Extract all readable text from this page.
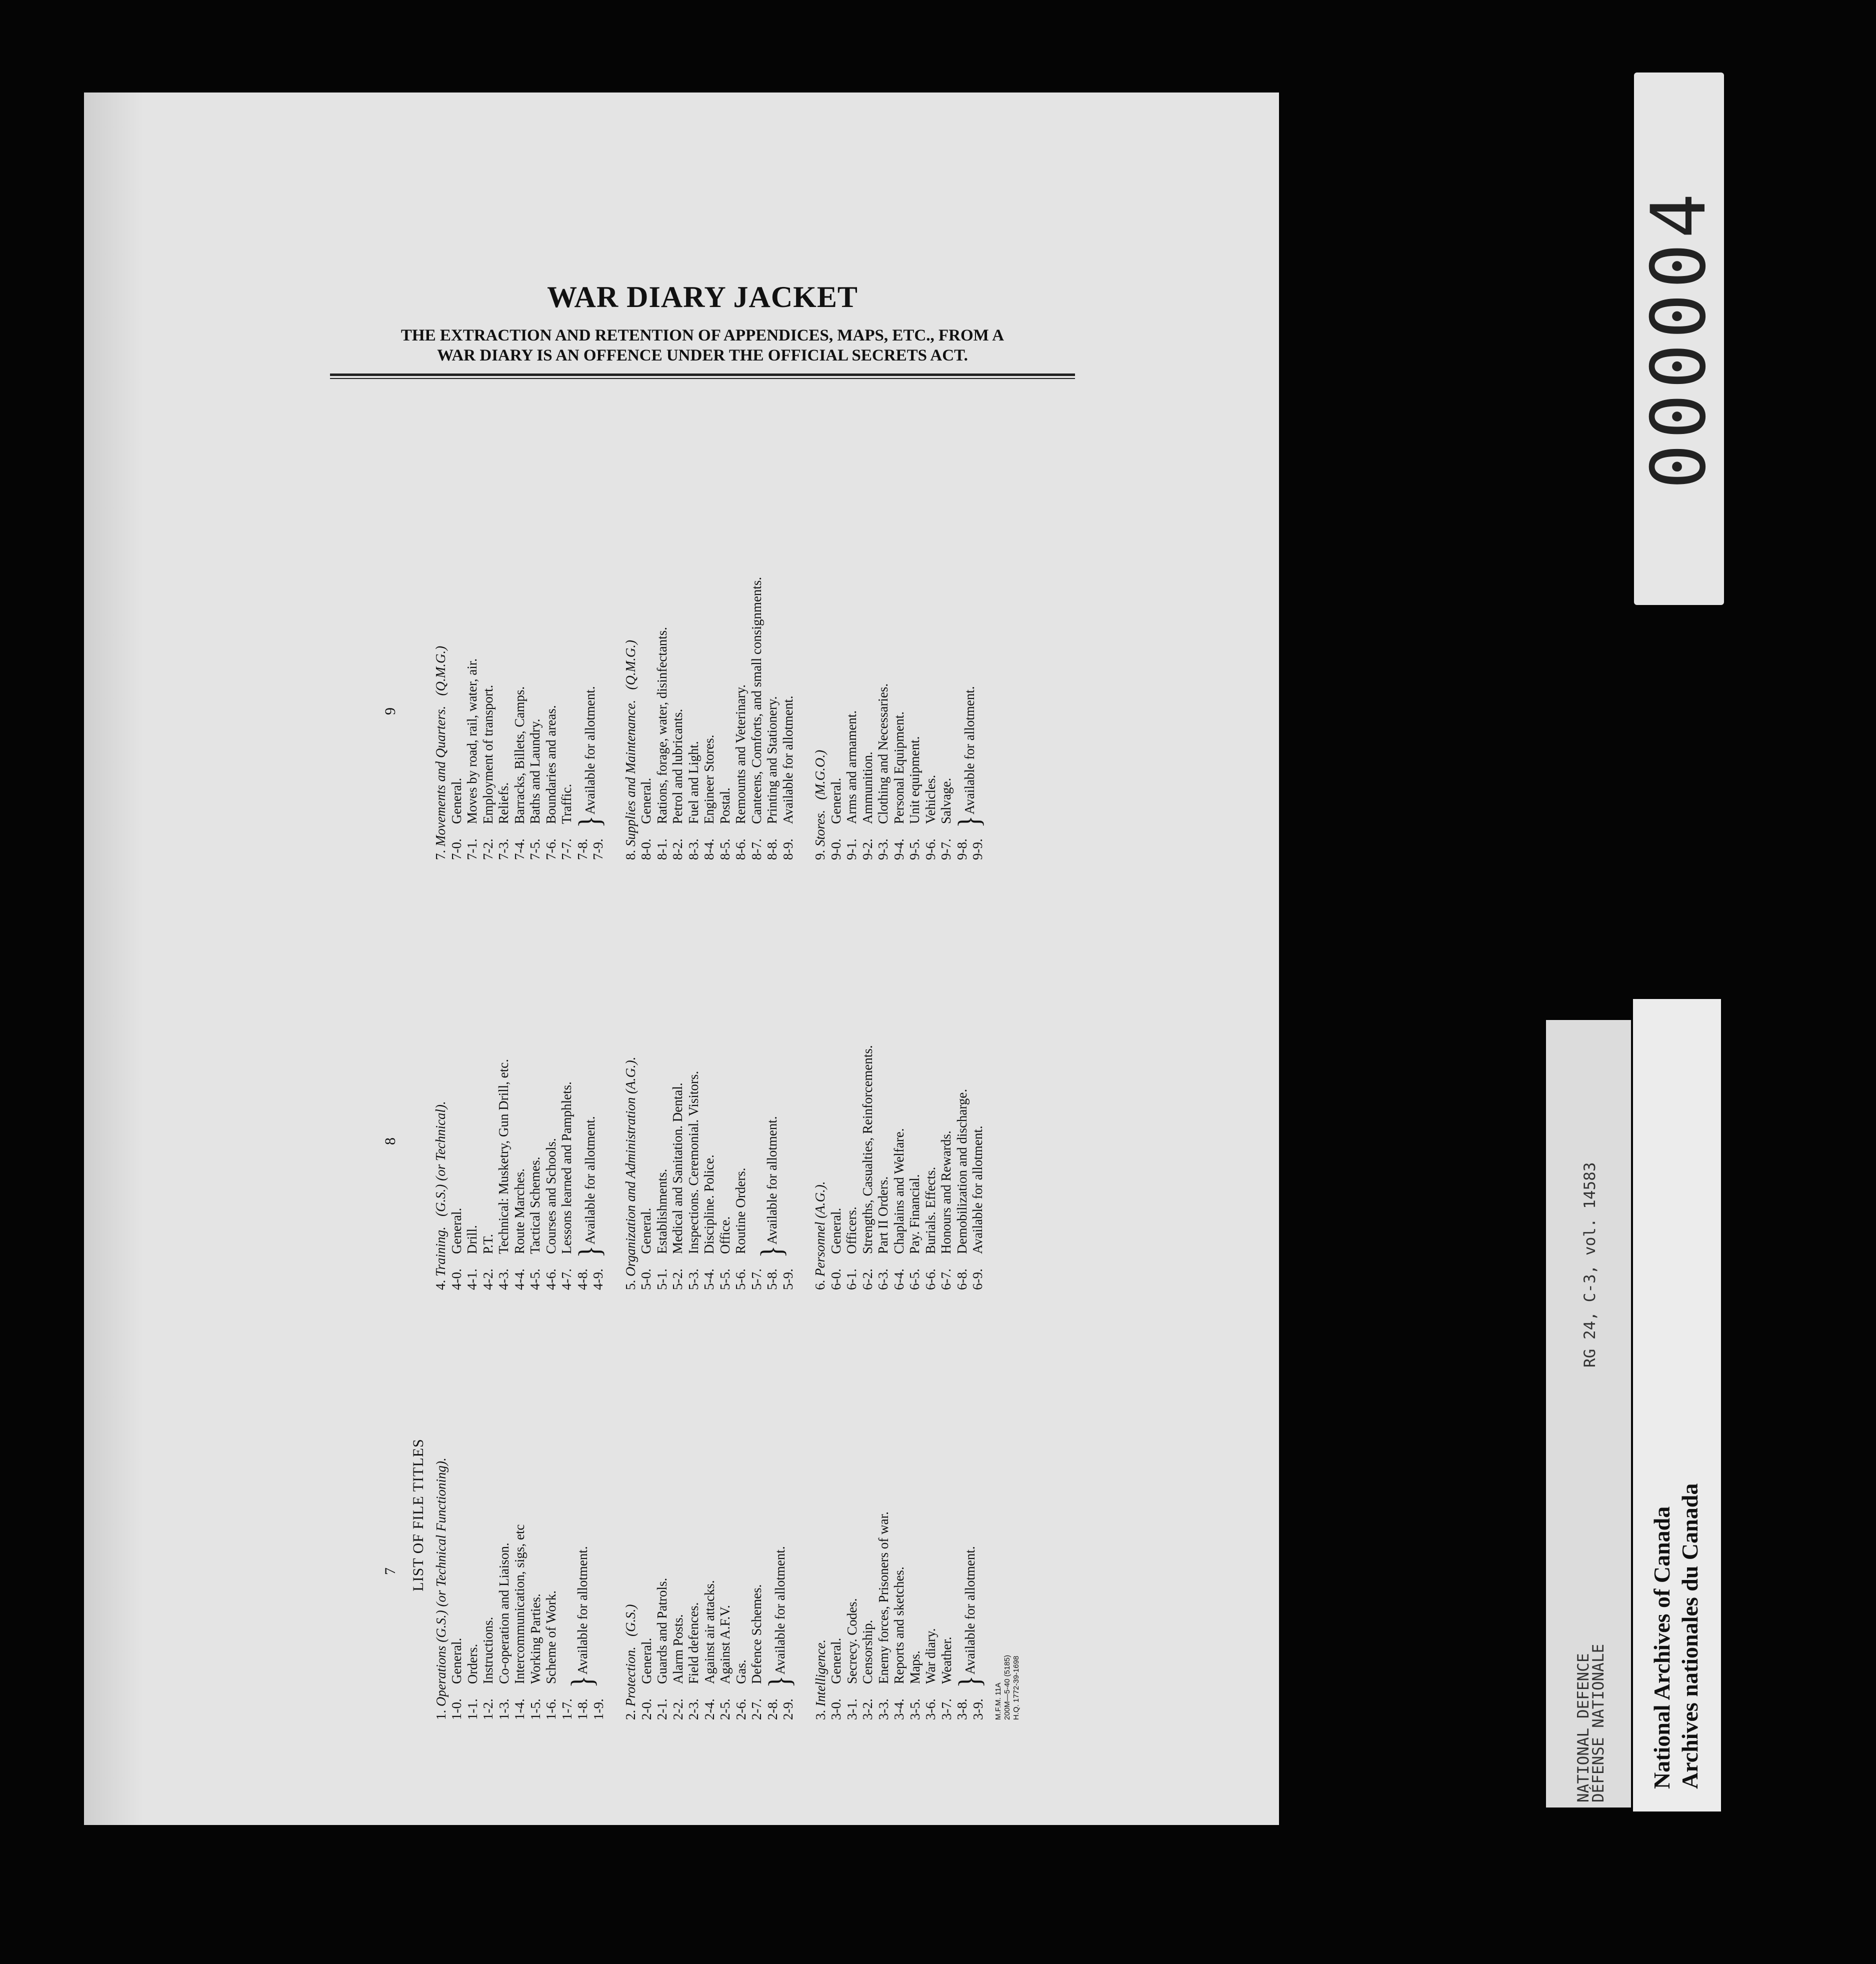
WAR DIARY JACKET
THE EXTRACTION AND RETENTION OF APPENDICES, MAPS, ETC., FROM A
WAR DIARY IS AN OFFENCE UNDER THE OFFICIAL SECRETS ACT.
7 LIST OF FILE TITLES
1. Operations (G.S.) (or Technical Functioning).
1-0.General.
1-1.Orders.
1-2.Instructions.
1-3.Co-operation and Liaison.
1-4.Intercommunication, sigs, etc
1-5.Working Parties.
1-6.Scheme of Work.
1-7. 1-8. 1-9.
}
Available for allotment.
2. Protection.   (G.S.)
2-0.General.
2-1.Guards and Patrols.
2-2.Alarm Posts.
2-3.Field defences.
2-4.Against air attacks.
2-5.Against A.F.V.
2-6.Gas.
2-7.Defence Schemes.
2-8. 2-9.
}
Available for allotment.
3. Intelligence.
3-0.General.
3-1.Secrecy. Codes.
3-2.Censorship.
3-3.Enemy forces, Prisoners of war.
3-4.Reports and sketches.
3-5.Maps.
3-6.War diary.
3-7.Weather.
3-8. 3-9.
}
Available for allotment.
M.F.M. 11A 200M—5-40 (5185) H.Q. 1772-39-1698
8
4. Training.   (G.S.) (or Technical).
4-0.General.
4-1.Drill.
4-2.P.T.
4-3.Technical: Musketry, Gun Drill, etc.
4-4.Route Marches.
4-5.Tactical Schemes.
4-6.Courses and Schools.
4-7.Lessons learned and Pamphlets.
4-8. 4-9.
}
Available for allotment.
5. Organization and Administration (A.G.).
5-0.General.
5-1.Establishments.
5-2.Medical and Sanitation. Dental.
5-3.Inspections. Ceremonial. Visitors.
5-4.Discipline. Police.
5-5.Office.
5-6.Routine Orders.
5-7. 5-8. 5-9.
}
Available for allotment.
6. Personnel (A.G.).
6-0.General.
6-1.Officers.
6-2.Strengths, Casualties, Reinforcements.
6-3.Part II Orders.
6-4.Chaplains and Welfare.
6-5.Pay. Financial.
6-6.Burials. Effects.
6-7.Honours and Rewards.
6-8.Demobilization and discharge.
6-9.Available for allotment.
9
7. Movements and Quarters.   (Q.M.G.)
7-0.General.
7-1.Moves by road, rail, water, air.
7-2.Employment of transport.
7-3.Reliefs.
7-4.Barracks, Billets, Camps.
7-5.Baths and Laundry.
7-6.Boundaries and areas.
7-7.Traffic.
7-8. 7-9.
}
Available for allotment.
8. Supplies and Maintenance.   (Q.M.G.)
8-0.General.
8-1.Rations, forage, water, disinfectants.
8-2.Petrol and lubricants.
8-3.Fuel and Light.
8-4.Engineer Stores.
8-5.Postal.
8-6.Remounts and Veterinary.
8-7.Canteens, Comforts, and small consignments.
8-8.Printing and Stationery.
8-9.Available for allotment.
9. Stores.   (M.G.O.)
9-0.General.
9-1.Arms and armament.
9-2.Ammunition.
9-3.Clothing and Necessaries.
9-4.Personal Equipment.
9-5.Unit equipment.
9-6.Vehicles.
9-7.Salvage.
9-8. 9-9.
}
Available for allotment.
000004
NATIONAL DEFENCE
DÉFENSE NATIONALE
RG 24, C-3, vol. 14583
National Archives of Canada Archives nationales du Canada
